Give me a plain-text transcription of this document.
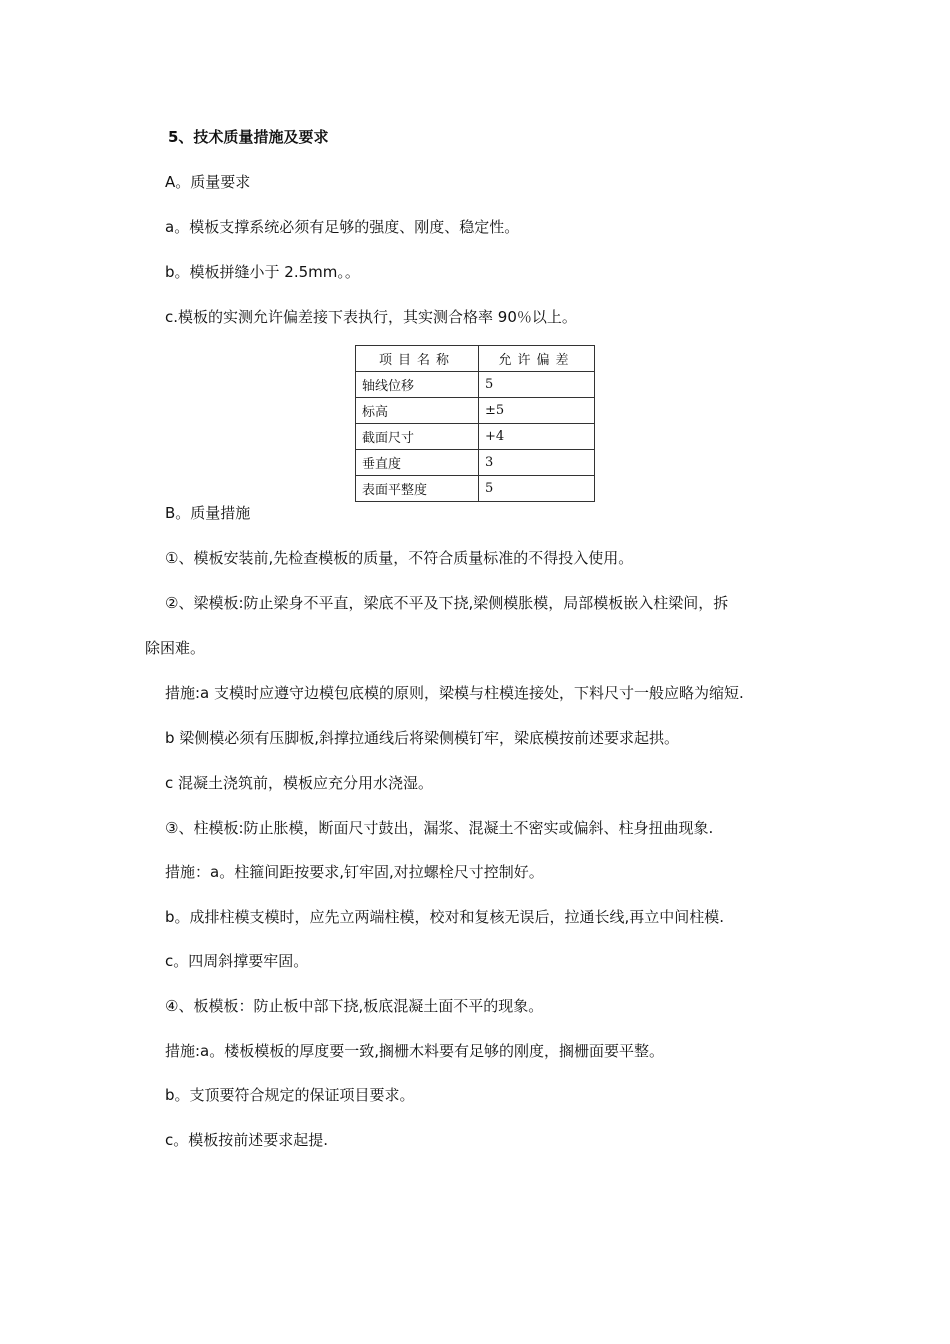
5、技术质量措施及要求
A。质量要求
a。模板支撑系统必须有足够的强度、刚度、稳定性。
b。模板拼缝小于 2.5mm。。
c.模板的实测允许偏差接下表执行，其实测合格率 90％以上。
项目名称	允许偏差
轴线位移	5
标高	±5
截面尺寸	+4
垂直度	3
表面平整度	5
B。质量措施
①、模板安装前,先检查模板的质量，不符合质量标准的不得投入使用。
②、梁模板:防止梁身不平直，梁底不平及下挠,梁侧模胀模，局部模板嵌入柱梁间，拆
除困难。
措施:a 支模时应遵守边模包底模的原则，梁模与柱模连接处，下料尺寸一般应略为缩短.
b 梁侧模必须有压脚板,斜撑拉通线后将梁侧模钉牢，梁底模按前述要求起拱。
c 混凝土浇筑前，模板应充分用水浇湿。
③、柱模板:防止胀模，断面尺寸鼓出，漏浆、混凝土不密实或偏斜、柱身扭曲现象.
措施：a。柱箍间距按要求,钉牢固,对拉螺栓尺寸控制好。
b。成排柱模支模时，应先立两端柱模，校对和复核无误后，拉通长线,再立中间柱模.
c。四周斜撑要牢固。
④、板模板：防止板中部下挠,板底混凝土面不平的现象。
措施:a。楼板模板的厚度要一致,搁栅木料要有足够的刚度，搁栅面要平整。
b。支顶要符合规定的保证项目要求。
c。模板按前述要求起提.
